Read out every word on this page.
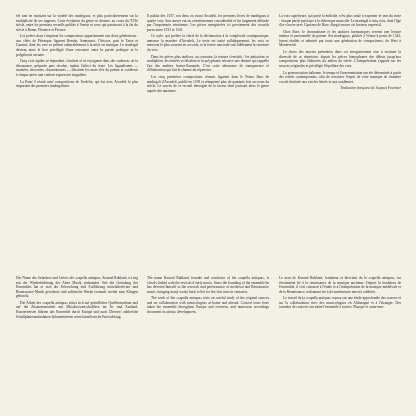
été tout en insistant sur la variété des madrigaux, et plus particulièrement sur la multiplicité de ses rapports. Cette évolution du genre se dessine, au cours du XVIe siècle, entre les premiers recueils publiés à Venise et ceux qui paraissent à la fin du siècle à Rome, Florence et Ferrare.

Les poètes dont s'inspirent les compositeurs appartiennent aux deux générations : aux côtés de Pétrarque figurent Bembo, Sannazaro, l'Arioste, puis le Tasse et Guarini, dont les vers se prêtent admirablement à la mise en musique. Le madrigal devient ainsi le lieu privilégié d'une rencontre entre la parole poétique et la polyphonie savante.

Cinq voix égales se répondent, s'imitent et se rejoignent dans des cadences où la dissonance, préparée puis résolue, traduit l'affect du texte. Les figuralismes — montées, descentes, chromatismes — illustrent les mots clés du poème et confèrent à chaque pièce une couleur expressive singulière.

La Parte 2 réunit neuf compositions de Verdelot, qui fut avec Arcadelt le plus important des premiers madrigalistes.

Il publia dès 1537, son deux ou avant Arcadelt, les premiers livres de madrigaux à quatre voix. Son œuvre eut un retentissement considérable et fut largement diffusée par l'imprimerie vénitienne. Les pièces enregistrées ici proviennent des recueils parus entre 1533 et 1541.

Ce style, qui préfère la clarté de la déclamation à la complexité contrapuntique, annonce la manière d'Arcadelt. Le texte est traité syllabiquement, les voix se meuvent le plus souvent en accords, et la forme musicale suit fidèlement la structure du vers.

Dans les pièces plus tardives, au contraire, la texture s'enrichit : les imitations se multiplient, les entrées se décalent et la polyphonie retrouve une densité qui rappelle l'art des maîtres franco-flamands. C'est cette alternance de transparence et d'élaboration qui fait le charme du répertoire.

Les cinq premières compositions réunies figurent dans le Primo libro de madrigali d'Arcadelt, publié en 1539 et réimprimé plus de quarante fois au cours du siècle. Le succès de ce recueil témoigne de la faveur dont jouissait alors le genre auprès des amateurs.

La voix supérieure, qui porte la mélodie, n'est plus seule à exprimer le sens du texte : chaque partie participe à la rhétorique musicale. Le madrigal à cinq voix, dont l'âge d'or s'ouvre avec Cipriano de Rore, élargit encore cet horizon expressif.

Chez Rore, le chromatisme et les audaces harmoniques servent une lecture intense et personnelle du poème. Ses madrigaux, publiés à Venise à partir de 1542, furent étudiés et admirés par toute une génération de compositeurs, de Wert à Monteverdi.

Le choix des œuvres présentées dans cet enregistrement vise à restituer la diversité de ce répertoire, depuis les pièces homophones des débuts jusqu'aux compositions plus élaborées du milieu du siècle. L'interprétation s'appuie sur les sources originales et privilégie l'équilibre des voix.

La prononciation italienne, le tempo et l'ornementation ont été déterminés à partir des traités contemporains, afin de retrouver l'esprit de cette musique de chambre vocale destinée aux cercles lettrés et aux académies.

Traduction française de Jacques Fournier

Der Name des Gründers und Leiters der «capella antiqua», Konrad Ruhland, ist eng mit der Wiederbelebung der Alten Musik verbunden. Seit der Gründung des Ensembles hat er sich der Erforschung und Aufführung mittelalterlicher und Renaissance-Musik gewidmet und zahlreiche Werke erstmals wieder zum Klingen gebracht.

Die Arbeit der «capella antiqua» stützt sich auf gründliches Quellenstudium und auf die Zusammenarbeit mit Musikwissenschaftlern im In- und Ausland. Konzertreisen führten das Ensemble durch Europa und nach Übersee; zahlreiche Schallplattenaufnahmen dokumentieren seine künstlerische Entwicklung.

The name Konrad Ruhland, founder and conductor of the «capella antiqua», is closely linked with the revival of early music. Since the founding of the ensemble he has devoted himself to the research and performance of medieval and Renaissance music, bringing many works back to life for the first time in centuries.

The work of the «capella antiqua» rests on careful study of the original sources and on collaboration with musicologists at home and abroad. Concert tours have taken the ensemble throughout Europe and overseas, and numerous recordings document its artistic development.

Le nom de Konrad Ruhland, fondateur et directeur de la «capella antiqua», est étroitement lié à la renaissance de la musique ancienne. Depuis la fondation de l'ensemble, il s'est consacré à l'étude et à l'interprétation de la musique médiévale et de la Renaissance, redonnant vie à de nombreuses œuvres oubliées.

Le travail de la «capella antiqua» repose sur une étude approfondie des sources et sur la collaboration avec des musicologues en Allemagne et à l'étranger. Des tournées de concerts ont mené l'ensemble à travers l'Europe et outre-mer.
